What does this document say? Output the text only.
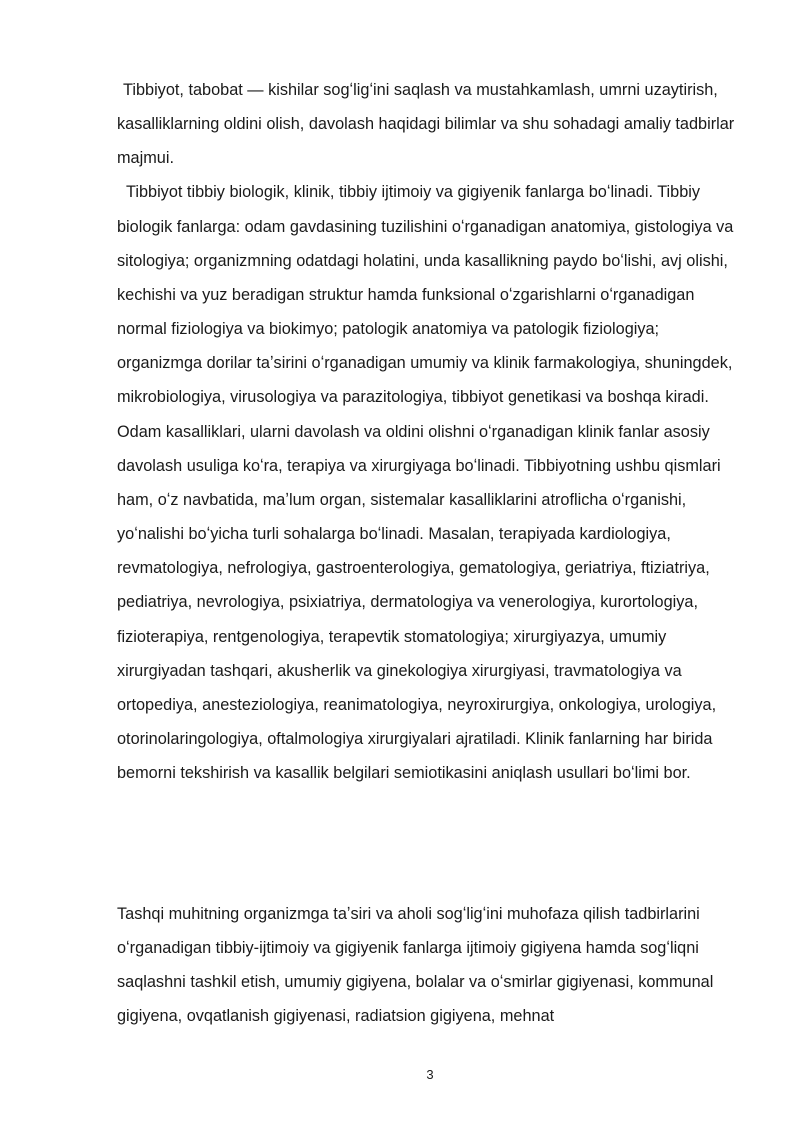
Tibbiyot, tabobat — kishilar sogʻligʻini saqlash va mustahkamlash, umrni uzaytirish, kasalliklarning oldini olish, davolash haqidagi bilimlar va shu sohadagi amaliy tadbirlar majmui.

Tibbiyot tibbiy biologik, klinik, tibbiy ijtimoiy va gigiyenik fanlarga boʻlinadi. Tibbiy biologik fanlarga: odam gavdasining tuzilishini oʻrganadigan anatomiya, gistologiya va sitologiya; organizmning odatdagi holatini, unda kasallikning paydo boʻlishi, avj olishi, kechishi va yuz beradigan struktur hamda funksional oʻzgarishlarni oʻrganadigan normal fiziologiya va biokimyo; patologik anatomiya va patologik fiziologiya; organizmga dorilar taʼsirini oʻrganadigan umumiy va klinik farmakologiya, shuningdek, mikrobiologiya, virusologiya va parazitologiya, tibbiyot genetikasi va boshqa kiradi. Odam kasalliklari, ularni davolash va oldini olishni oʻrganadigan klinik fanlar asosiy davolash usuliga koʻra, terapiya va xirurgiyaga boʻlinadi. Tibbiyotning ushbu qismlari ham, oʻz navbatida, maʼlum organ, sistemalar kasalliklarini atroflicha oʻrganishi, yoʻnalishi boʻyicha turli sohalarga boʻlinadi. Masalan, terapiyada kardiologiya, revmatologiya, nefrologiya, gastroenterologiya, gematologiya, geriatriya, ftiziatriya, pediatriya, nevrologiya, psixiatriya, dermatologiya va venerologiya, kurortologiya, fizioterapiya, rentgenologiya, terapevtik stomatologiya; xirurgiyazya, umumiy xirurgiyadan tashqari, akusherlik va ginekologiya xirurgiyasi, travmatologiya va ortopediya, anesteziologiya, reanimatologiya, neyroxirurgiya, onkologiya, urologiya, otorinolaringologiya, oftalmologiya xirurgiyalari ajratiladi. Klinik fanlarning har birida bemorni tekshirish va kasallik belgilari semiotikasini aniqlash usullari boʻlimi bor.

Tashqi muhitning organizmga taʼsiri va aholi sogʻligʻini muhofaza qilish tadbirlarini oʻrganadigan tibbiy-ijtimoiy va gigiyenik fanlarga ijtimoiy gigiyena hamda sogʻliqni saqlashni tashkil etish, umumiy gigiyena, bolalar va oʻsmirlar gigiyenasi, kommunal gigiyena, ovqatlanish gigiyenasi, radiatsion gigiyena, mehnat

3
